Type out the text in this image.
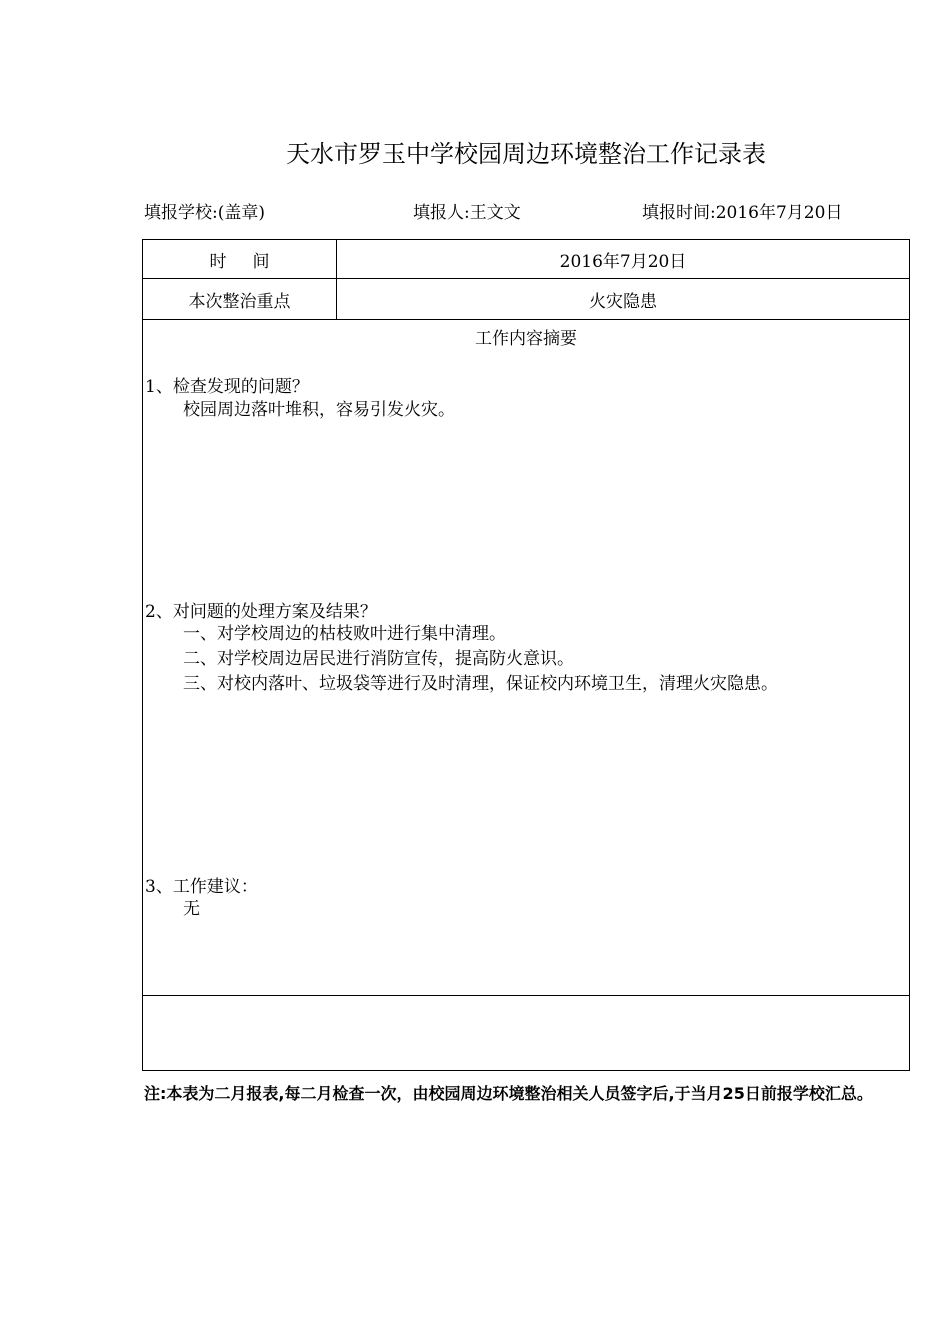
天水市罗玉中学校园周边环境整治工作记录表
填报学校:(盖章)	填报人:王文文	填报时间:2016年7月20日
时间	2016年7月20日
本次整治重点	火灾隐患
工作内容摘要
1、检查发现的问题？
校园周边落叶堆积，容易引发火灾。
2、对问题的处理方案及结果？
一、对学校周边的枯枝败叶进行集中清理。
二、对学校周边居民进行消防宣传，提高防火意识。
三、对校内落叶、垃圾袋等进行及时清理，保证校内环境卫生，清理火灾隐患。
3、工作建议：
无
注:本表为二月报表,每二月检查一次，由校园周边环境整治相关人员签字后,于当月25日前报学校汇总。
